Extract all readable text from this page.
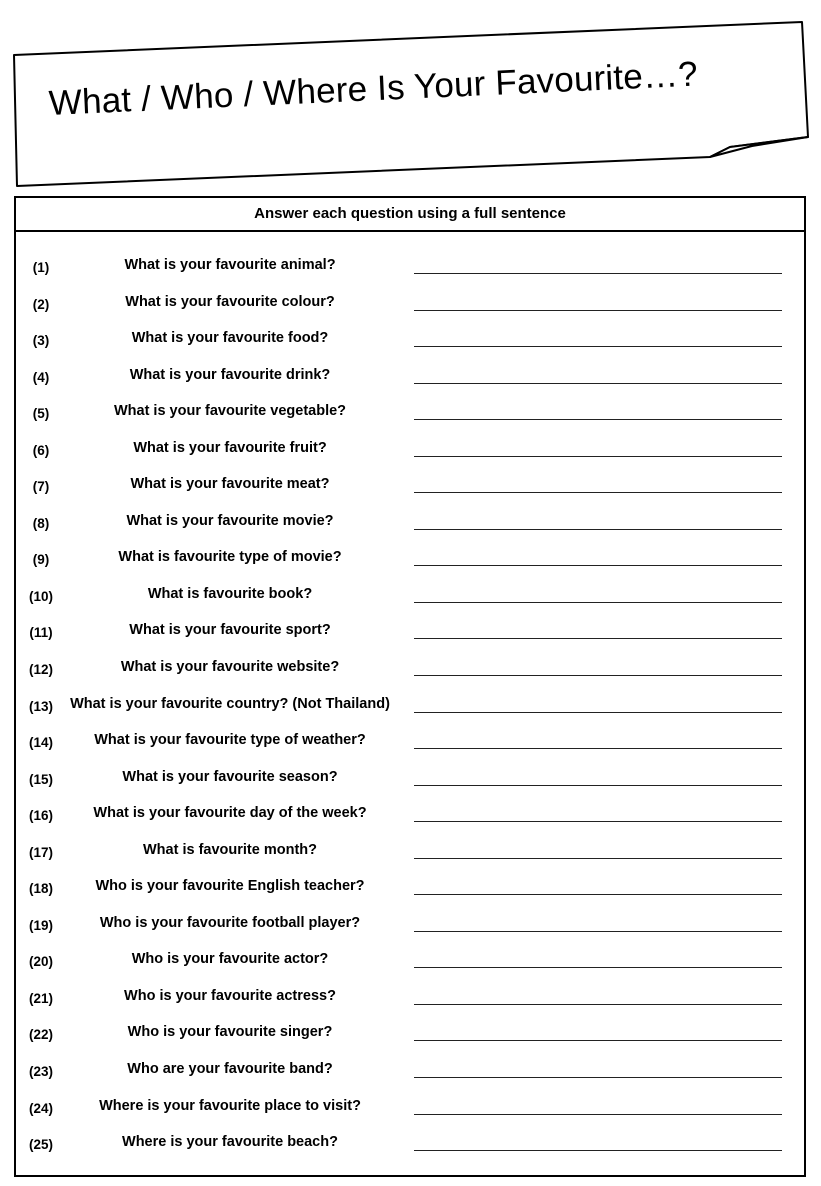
What / Who / Where Is Your Favourite…?
Answer each question using a full sentence
(1)	What is your favourite animal?
(2)	What is your favourite colour?
(3)	What is your favourite food?
(4)	What is your favourite drink?
(5)	What is your favourite vegetable?
(6)	What is your favourite fruit?
(7)	What is your favourite meat?
(8)	What is your favourite movie?
(9)	What is favourite type of movie?
(10)	What is favourite book?
(11)	What is your favourite sport?
(12)	What is your favourite website?
(13)	What is your favourite country? (Not Thailand)
(14)	What is your favourite type of weather?
(15)	What is your favourite season?
(16)	What is your favourite day of the week?
(17)	What is favourite month?
(18)	Who is your favourite English teacher?
(19)	Who is your favourite football player?
(20)	Who is your favourite actor?
(21)	Who is your favourite actress?
(22)	Who is your favourite singer?
(23)	Who are your favourite band?
(24)	Where is your favourite place to visit?
(25)	Where is your favourite beach?
